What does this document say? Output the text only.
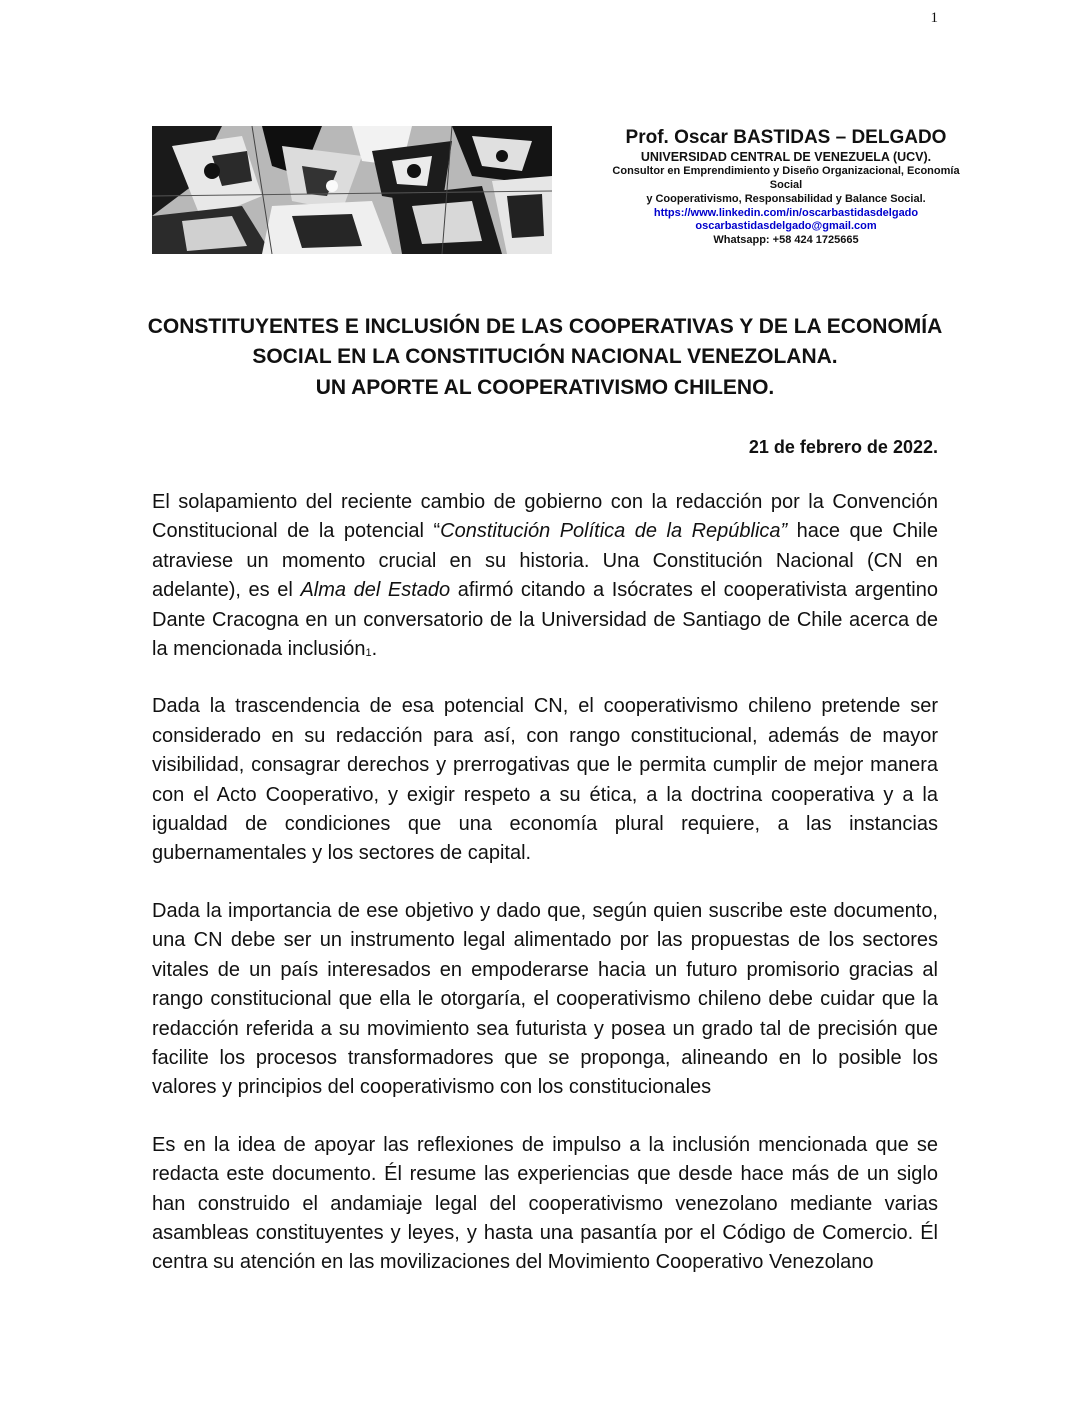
1
Prof. Oscar BASTIDAS – DELGADO
UNIVERSIDAD CENTRAL DE VENEZUELA (UCV).
Consultor en Emprendimiento y Diseño Organizacional, Economía Social
y Cooperativismo, Responsabilidad y Balance Social.
https://www.linkedin.com/in/oscarbastidasdelgado
oscarbastidasdelgado@gmail.com
Whatsapp: +58 424 1725665
CONSTITUYENTES E INCLUSIÓN DE LAS COOPERATIVAS Y DE LA ECONOMÍA
SOCIAL EN LA CONSTITUCIÓN NACIONAL VENEZOLANA.
UN APORTE AL COOPERATIVISMO CHILENO.
21 de febrero de 2022.

El solapamiento del reciente cambio de gobierno con la redacción por la Convención Constitucional de la potencial “Constitución Política de la República” hace que Chile atraviese un momento crucial en su historia. Una Constitución Nacional (CN en adelante), es el Alma del Estado afirmó citando a Isócrates el cooperativista argentino Dante Cracogna en un conversatorio de la Universidad de Santiago de Chile acerca de la mencionada inclusión$^1$.

Dada la trascendencia de esa potencial CN, el cooperativismo chileno pretende ser considerado en su redacción para así, con rango constitucional, además de mayor visibilidad, consagrar derechos y prerrogativas que le permita cumplir de mejor manera con el Acto Cooperativo, y exigir respeto a su ética, a la doctrina cooperativa y a la igualdad de condiciones que una economía plural requiere, a las instancias gubernamentales y los sectores de capital.

Dada la importancia de ese objetivo y dado que, según quien suscribe este documento, una CN debe ser un instrumento legal alimentado por las propuestas de los sectores vitales de un país interesados en empoderarse hacia un futuro promisorio gracias al rango constitucional que ella le otorgaría, el cooperativismo chileno debe cuidar que la redacción referida a su movimiento sea futurista y posea un grado tal de precisión que facilite los procesos transformadores que se proponga, alineando en lo posible los valores y principios del cooperativismo con los constitucionales

Es en la idea de apoyar las reflexiones de impulso a la inclusión mencionada que se redacta este documento. Él resume las experiencias que desde hace más de un siglo han construido el andamiaje legal del cooperativismo venezolano mediante varias asambleas constituyentes y leyes, y hasta una pasantía por el Código de Comercio. Él centra su atención en las movilizaciones del Movimiento Cooperativo Venezolano
